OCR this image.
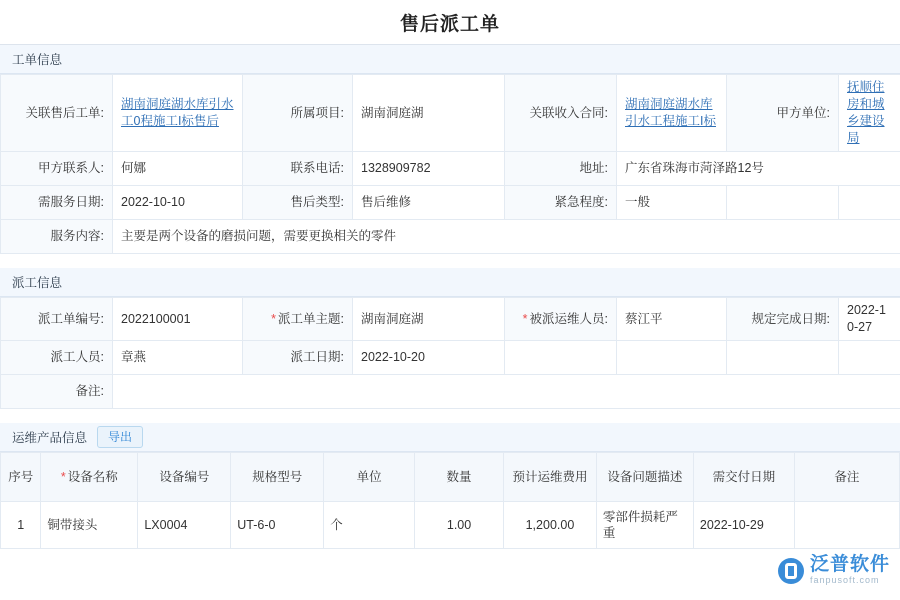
售后派工单
工单信息
关联售后工单:	湖南洞庭湖水库引水工0程施工I标售后	所属项目:	湖南洞庭湖	关联收入合同:	湖南洞庭湖水库引水工程施工I标	甲方单位:	抚顺住房和城乡建设局
甲方联系人:	何娜	联系电话:	1328909782	地址:	广东省珠海市菏泽路12号		
需服务日期:	2022-10-10	售后类型:	售后维修	紧急程度:	一般		
服务内容:	主要是两个设备的磨损问题，需要更换相关的零件						
派工信息
派工单编号:	2022100001	* 派工单主题:	湖南洞庭湖	* 被派运维人员:	蔡江平	规定完成日期:	2022-10-27
派工人员:	章燕	派工日期:	2022-10-20				
备注:							
运维产品信息	导出
序号	* 设备名称	设备编号	规格型号	单位	数量	预计运维费用	设备问题描述	需交付日期	备注
1	铜带接头	LX0004	UT-6-0	个	1.00	1,200.00	零部件损耗严重	2022-10-29	
泛普软件
fanpusoft.com
